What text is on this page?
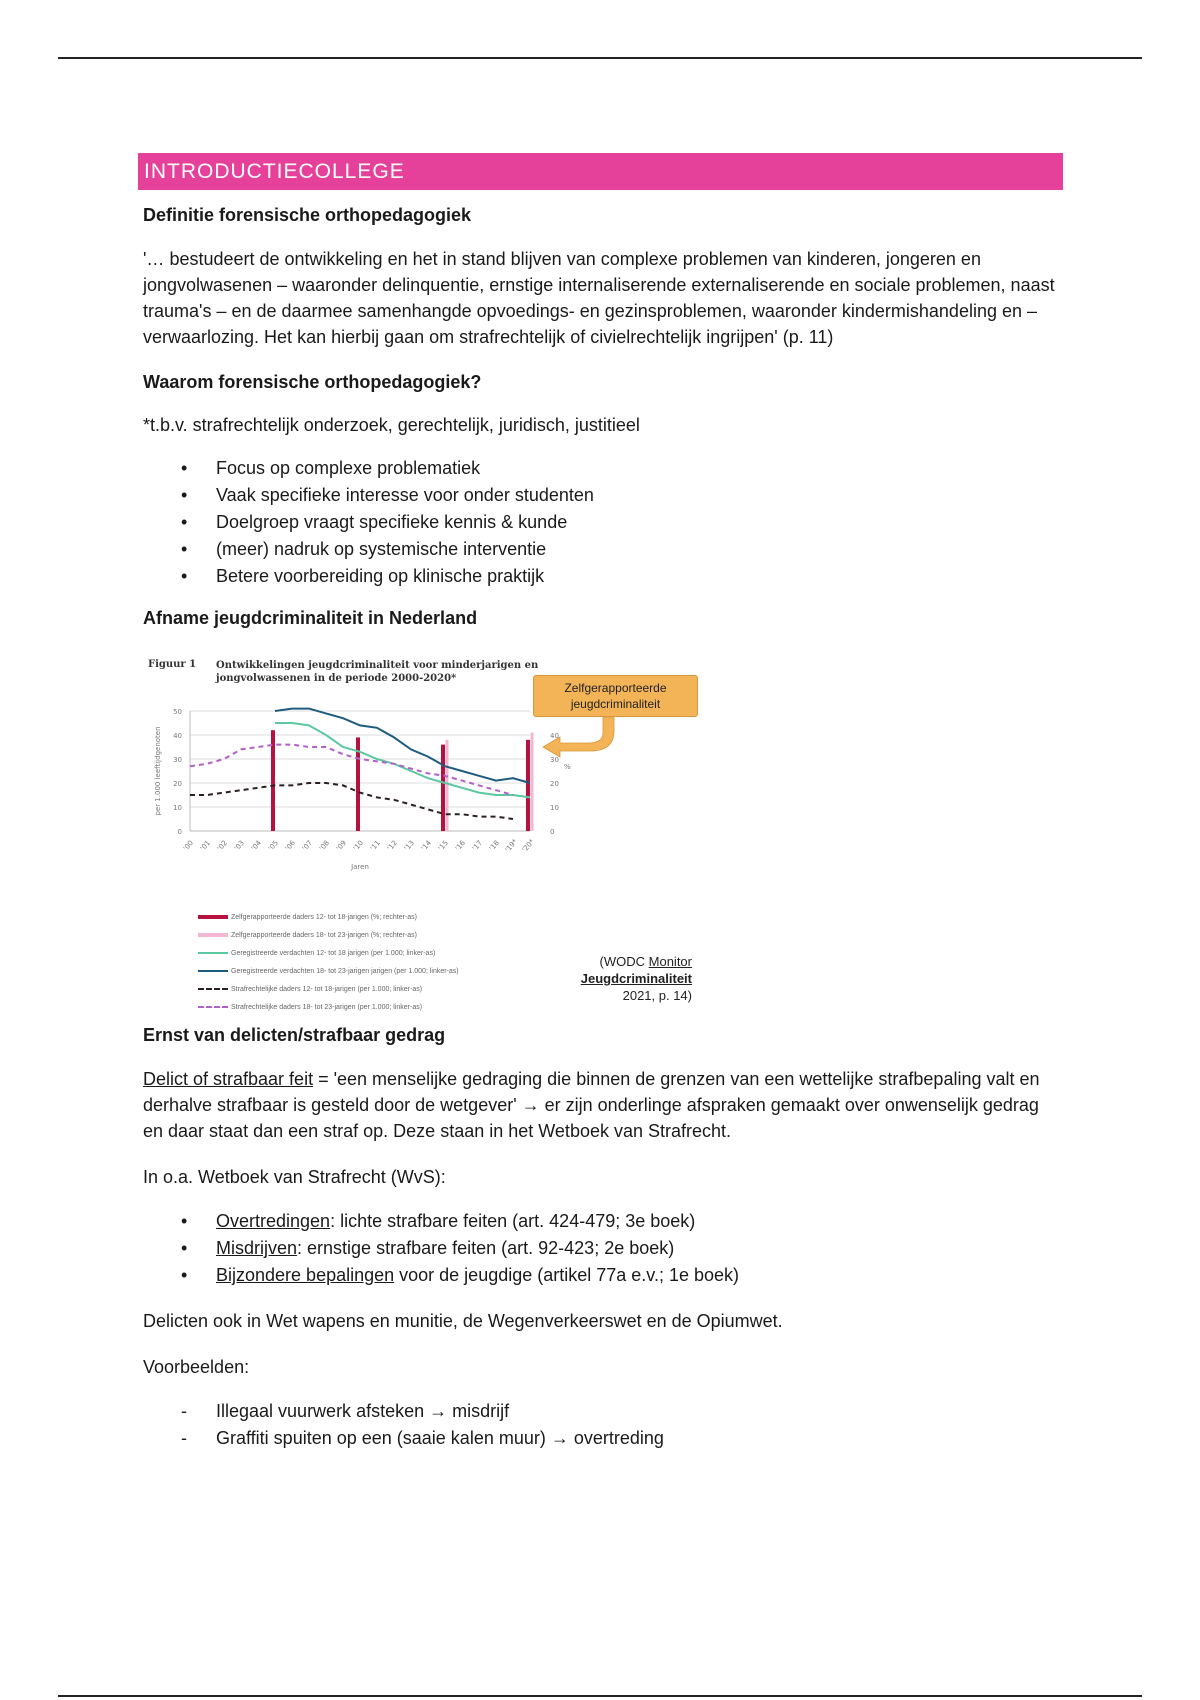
INTRODUCTIECOLLEGE
Definitie forensische orthopedagogiek

'… bestudeert de ontwikkeling en het in stand blijven van complexe problemen van kinderen, jongeren en jongvolwasenen – waaronder delinquentie, ernstige internaliserende externaliserende en sociale problemen, naast trauma's – en de daarmee samenhangde opvoedings- en gezinsproblemen, waaronder kindermishandeling en – verwaarlozing. Het kan hierbij gaan om strafrechtelijk of civielrechtelijk ingrijpen' (p. 11)

Waarom forensische orthopedagogiek?

*t.b.v. strafrechtelijk onderzoek, gerechtelijk, juridisch, justitieel

• Focus op complexe problematiek
• Vaak specifieke interesse voor onder studenten
• Doelgroep vraagt specifieke kennis & kunde
• (meer) nadruk op systemische interventie
• Betere voorbereiding op klinische praktijk
Afname jeugdcriminaliteit in Nederland
0	0
10	10
20	20
30	30
40	40
50
per 1.000 leeftijdgenoten	%
'00 '01 '02 '03 '04 '05 '06 '07 '08 '09 '10 '11 '12 '13 '14 '15 '16 '17 '18 '19* '20*
Jaren
Figuur 1 Ontwikkelingen jeugdcriminaliteit voor minderjarigen en jongvolwassenen in de periode 2000-2020*
Zelfgerapporteerde jeugdcriminaliteit
Zelfgerapporteerde daders 12- tot 18-jarigen (%; rechter-as)
Zelfgerapporteerde daders 18- tot 23-jarigen (%; rechter-as)
Geregistreerde verdachten 12- tot 18 jarigen (per 1.000; linker-as)
Geregistreerde verdachten 18- tot 23-jarigen jarigen (per 1.000; linker-as)
Strafrechtelijke daders 12- tot 18-jarigen (per 1.000; linker-as)
Strafrechtelijke daders 18- tot 23-jarigen (per 1.000; linker-as)
(WODC Monitor
Jeugdcriminaliteit
2021, p. 14)
Ernst van delicten/strafbaar gedrag

Delict of strafbaar feit = 'een menselijke gedraging die binnen de grenzen van een wettelijke strafbepaling valt en derhalve strafbaar is gesteld door de wetgever' → er zijn onderlinge afspraken gemaakt over onwenselijk gedrag en daar staat dan een straf op. Deze staan in het Wetboek van Strafrecht.

In o.a. Wetboek van Strafrecht (WvS):

• Overtredingen: lichte strafbare feiten (art. 424-479; 3e boek)
• Misdrijven: ernstige strafbare feiten (art. 92-423; 2e boek)
• Bijzondere bepalingen voor de jeugdige (artikel 77a e.v.; 1e boek)

Delicten ook in Wet wapens en munitie, de Wegenverkeerswet en de Opiumwet.

Voorbeelden:

- Illegaal vuurwerk afsteken → misdrijf
- Graffiti spuiten op een (saaie kalen muur) → overtreding
